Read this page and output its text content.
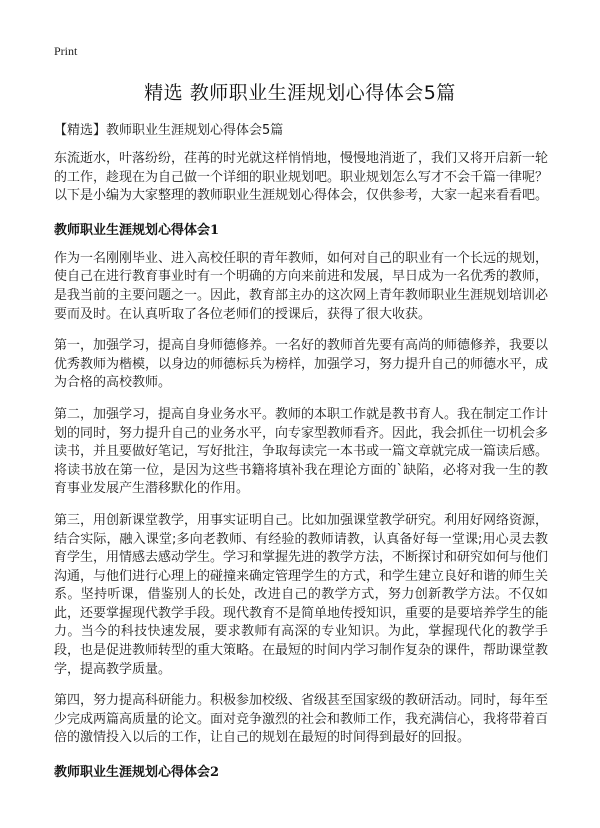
Print
精选 教师职业生涯规划心得体会5篇
【精选】教师职业生涯规划心得体会5篇

东流逝水，叶落纷纷，荏苒的时光就这样悄悄地，慢慢地消逝了，我们又将开启新一轮的工作，趁现在为自己做一个详细的职业规划吧。职业规划怎么写才不会千篇一律呢？以下是小编为大家整理的教师职业生涯规划心得体会，仅供参考，大家一起来看看吧。

教师职业生涯规划心得体会1

作为一名刚刚毕业、进入高校任职的青年教师，如何对自己的职业有一个长远的规划，使自己在进行教育事业时有一个明确的方向来前进和发展，早日成为一名优秀的教师，是我当前的主要问题之一。因此，教育部主办的这次网上青年教师职业生涯规划培训必要而及时。在认真听取了各位老师们的授课后，获得了很大收获。

第一，加强学习，提高自身师德修养。一名好的教师首先要有高尚的师德修养，我要以优秀教师为楷模，以身边的师德标兵为榜样，加强学习，努力提升自己的师德水平，成为合格的高校教师。

第二，加强学习，提高自身业务水平。教师的本职工作就是教书育人。我在制定工作计划的同时，努力提升自己的业务水平，向专家型教师看齐。因此，我会抓住一切机会多读书，并且要做好笔记，写好批注，争取每读完一本书或一篇文章就完成一篇读后感。将读书放在第一位，是因为这些书籍将填补我在理论方面的`缺陷，必将对我一生的教育事业发展产生潜移默化的作用。

第三，用创新课堂教学，用事实证明自己。比如加强课堂教学研究。利用好网络资源，结合实际，融入课堂;多向老教师、有经验的教师请教，认真备好每一堂课;用心灵去教育学生，用情感去感动学生。学习和掌握先进的教学方法，不断探讨和研究如何与他们沟通，与他们进行心理上的碰撞来确定管理学生的方式，和学生建立良好和谐的师生关系。坚持听课，借鉴别人的长处，改进自己的教学方式，努力创新教学方法。不仅如此，还要掌握现代教学手段。现代教育不是简单地传授知识，重要的是要培养学生的能力。当今的科技快速发展，要求教师有高深的专业知识。为此，掌握现代化的教学手段，也是促进教师转型的重大策略。在最短的时间内学习制作复杂的课件，帮助课堂教学，提高教学质量。

第四，努力提高科研能力。积极参加校级、省级甚至国家级的教研活动。同时，每年至少完成两篇高质量的论文。面对竞争激烈的社会和教师工作，我充满信心，我将带着百倍的激情投入以后的工作，让自己的规划在最短的时间得到最好的回报。

教师职业生涯规划心得体会2
